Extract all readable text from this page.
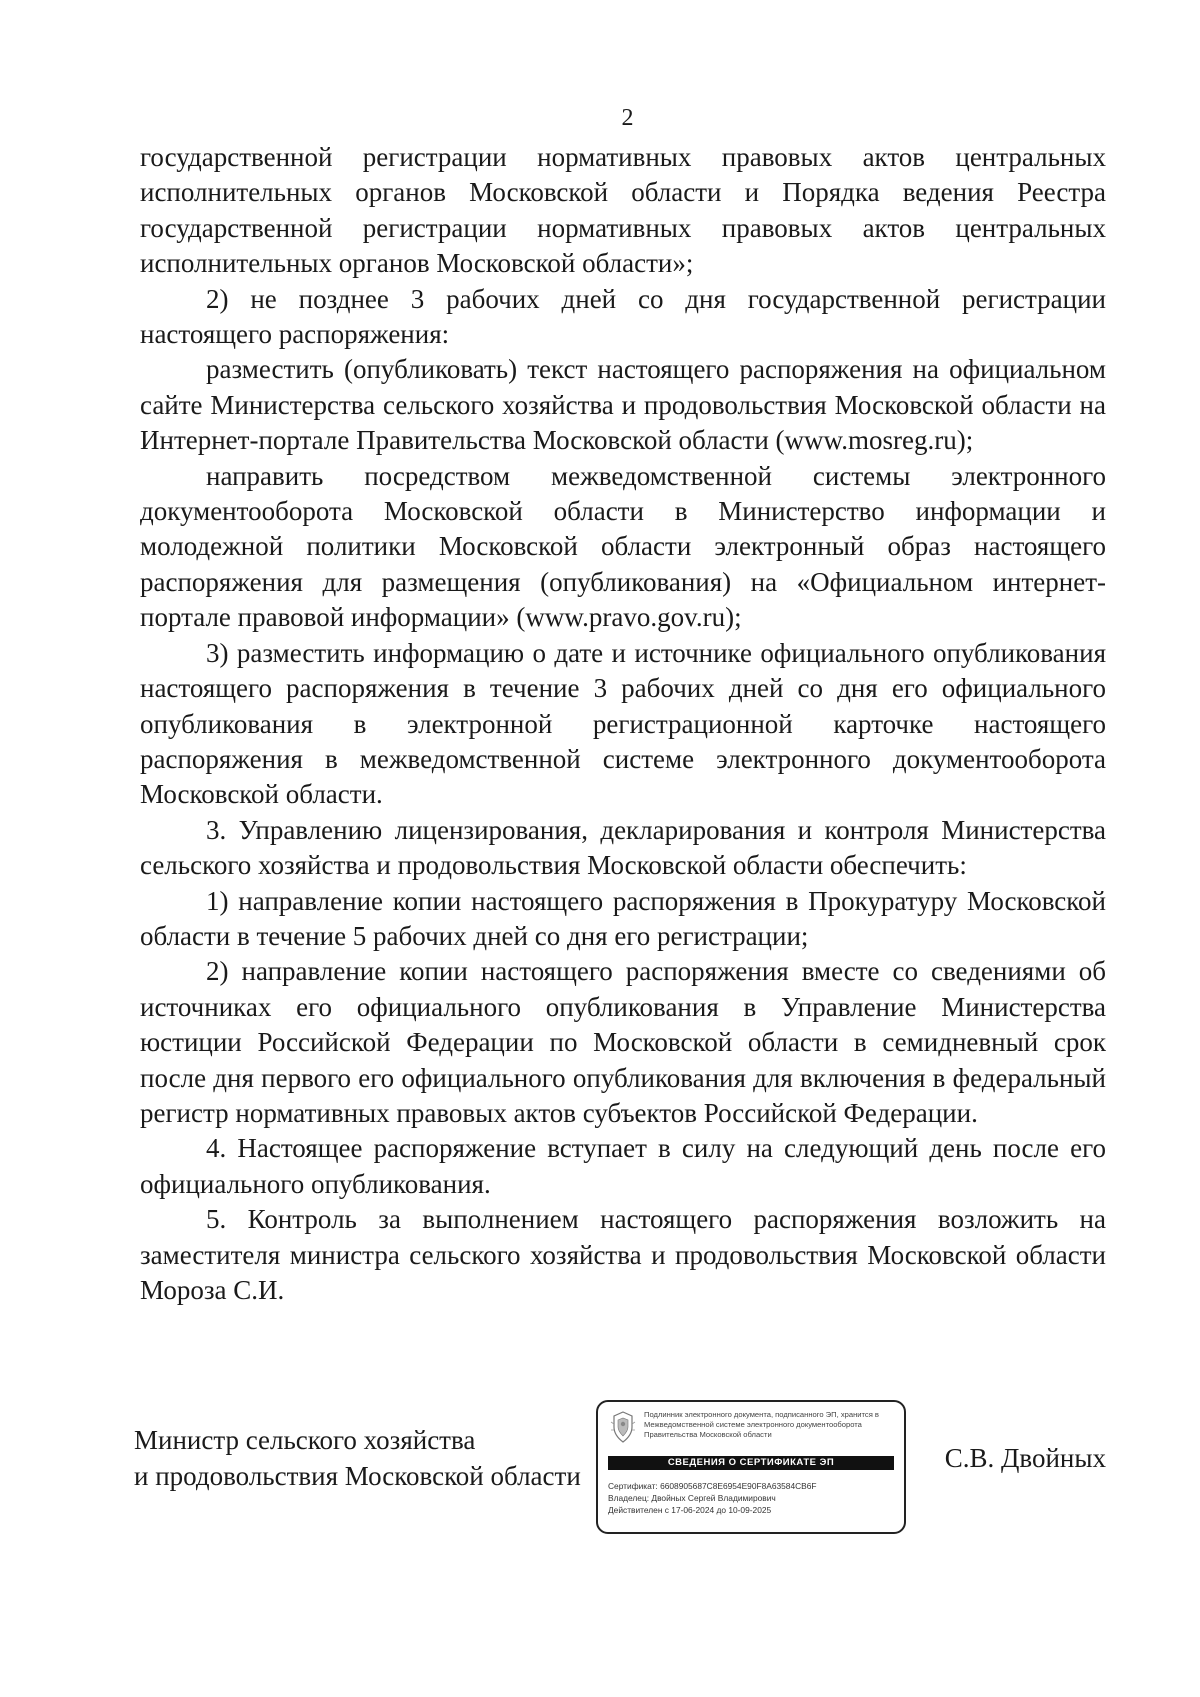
2

государственной регистрации нормативных правовых актов центральных исполнительных органов Московской области и Порядка ведения Реестра государственной регистрации нормативных правовых актов центральных исполнительных органов Московской области»;

2) не позднее 3 рабочих дней со дня государственной регистрации настоящего распоряжения:

разместить (опубликовать) текст настоящего распоряжения на официальном сайте Министерства сельского хозяйства и продовольствия Московской области на Интернет-портале Правительства Московской области (www.mosreg.ru);

направить посредством межведомственной системы электронного документооборота Московской области в Министерство информации и молодежной политики Московской области электронный образ настоящего распоряжения для размещения (опубликования) на «Официальном интернет-портале правовой информации» (www.pravo.gov.ru);

3) разместить информацию о дате и источнике официального опубликования настоящего распоряжения в течение 3 рабочих дней со дня его официального опубликования в электронной регистрационной карточке настоящего распоряжения в межведомственной системе электронного документооборота Московской области.

3. Управлению лицензирования, декларирования и контроля Министерства сельского хозяйства и продовольствия Московской области обеспечить:

1) направление копии настоящего распоряжения в Прокуратуру Московской области в течение 5 рабочих дней со дня его регистрации;

2) направление копии настоящего распоряжения вместе со сведениями об источниках его официального опубликования в Управление Министерства юстиции Российской Федерации по Московской области в семидневный срок после дня первого его официального опубликования для включения в федеральный регистр нормативных правовых актов субъектов Российской Федерации.

4. Настоящее распоряжение вступает в силу на следующий день после его официального опубликования.

5. Контроль за выполнением настоящего распоряжения возложить на заместителя министра сельского хозяйства и продовольствия Московской области Мороза С.И.

Министр сельского хозяйства
и продовольствия Московской области
Подлинник электронного документа, подписанного ЭП, хранится в Межведомственной системе электронного документооборота Правительства Московской области
СВЕДЕНИЯ О СЕРТИФИКАТЕ ЭП
Сертификат: 6608905687C8E6954E90F8A63584CB6F
Владелец: Двойных Сергей Владимирович
Действителен с 17-06-2024 до 10-09-2025
С.В. Двойных
